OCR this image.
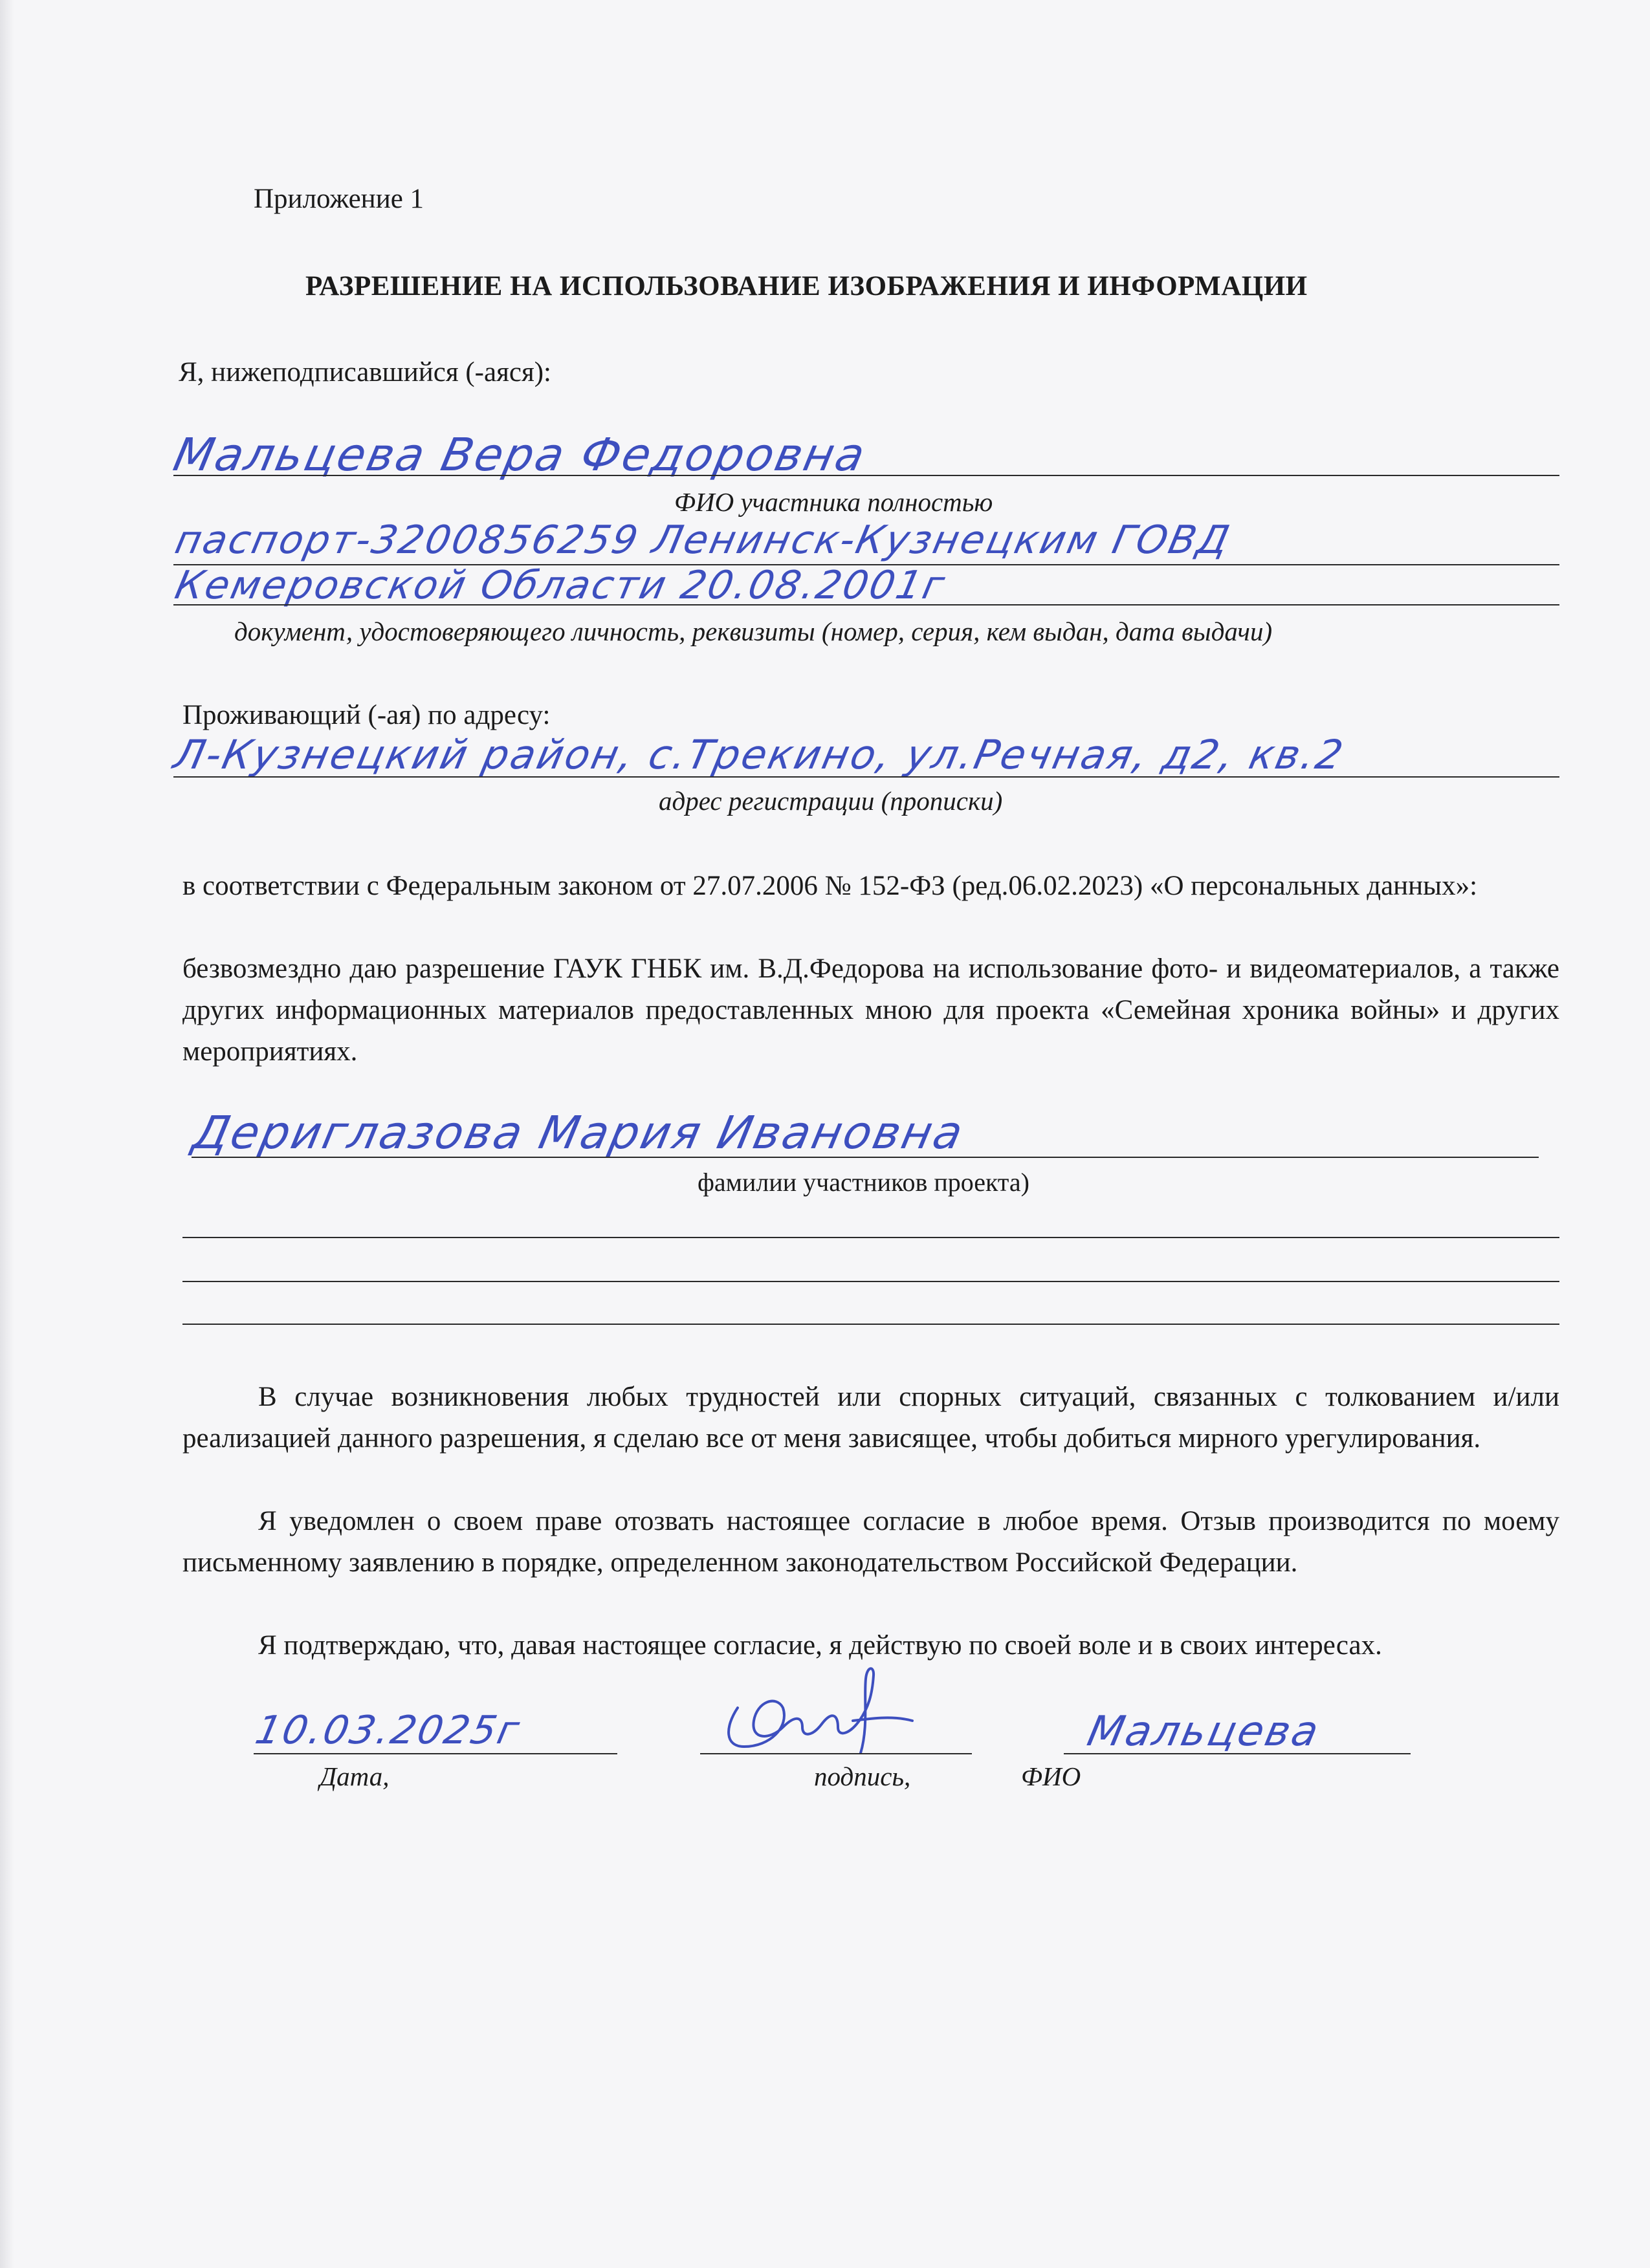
Приложение 1
РАЗРЕШЕНИЕ НА ИСПОЛЬЗОВАНИЕ ИЗОБРАЖЕНИЯ И ИНФОРМАЦИИ
Я, нижеподписавшийся (-аяся):
Мальцева Вера Федоровна
ФИО участника полностью
паспорт-3200856259 Ленинск-Кузнецким ГОВД
Кемеровской Области 20.08.2001г
документ, удостоверяющего личность, реквизиты (номер, серия, кем выдан, дата выдачи)
Проживающий (-ая) по адресу:
Л-Кузнецкий район, с.Трекино, ул.Речная, д2, кв.2
адрес регистрации (прописки)
в соответствии с Федеральным законом от 27.07.2006 № 152-ФЗ (ред.06.02.2023) «О персональных данных»:
безвозмездно даю разрешение ГАУК ГНБК им. В.Д.Федорова на использование фото- и видеоматериалов, а также других информационных материалов предоставленных мною для проекта «Семейная хроника войны» и других мероприятиях.
Дериглазова Мария Ивановна
фамилии участников проекта)
В случае возникновения любых трудностей или спорных ситуаций, связанных с толкованием и/или реализацией данного разрешения, я сделаю все от меня зависящее, чтобы добиться мирного урегулирования.
Я уведомлен о своем праве отозвать настоящее согласие в любое время. Отзыв производится по моему письменному заявлению в порядке, определенном законодательством Российской Федерации.
Я подтверждаю, что, давая настоящее согласие, я действую по своей воле и в своих интересах.
10.03.2025г
Дата,	подпись,
Мальцева
ФИО
